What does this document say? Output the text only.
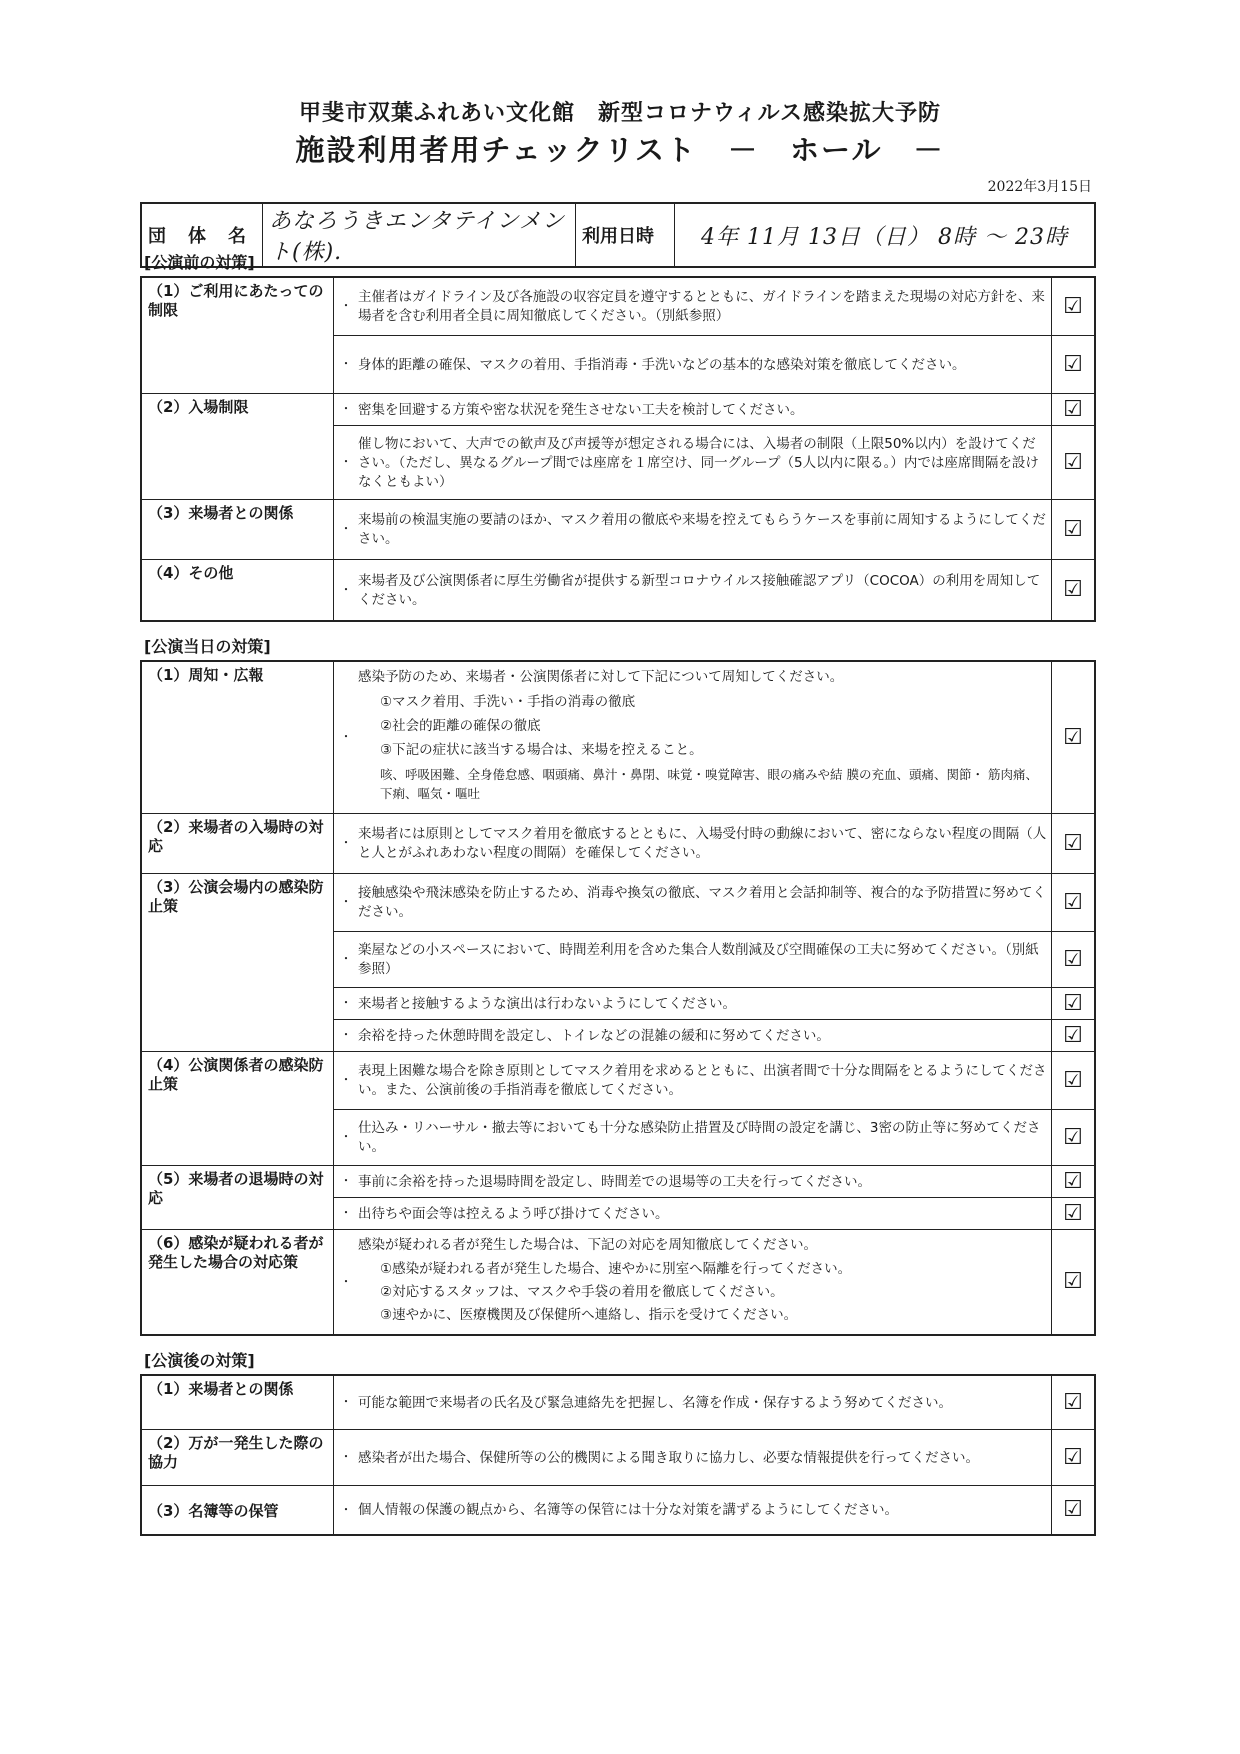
甲斐市双葉ふれあい文化館　新型コロナウィルス感染拡大予防
施設利用者用チェックリスト　－　ホール　－
2022年3月15日
団　体　名	あなろうきエンタテインメント(株).	利用日時	4年 11月 13日（日） 8時 ～ 23時
[公演前の対策]
（1）ご利用にあたっての制限	・ 主催者はガイドライン及び各施設の収容定員を遵守するとともに、ガイドラインを踏まえた現場の対応方針を、来場者を含む利用者全員に周知徹底してください。（別紙参照）	☑
	・ 身体的距離の確保、マスクの着用、手指消毒・手洗いなどの基本的な感染対策を徹底してください。	☑
（2）入場制限	・ 密集を回避する方策や密な状況を発生させない工夫を検討してください。	☑
	・ 催し物において、大声での歓声及び声援等が想定される場合には、入場者の制限（上限50%以内）を設けてください。（ただし、異なるグループ間では座席を１席空け、同一グループ（5人以内に限る。）内では座席間隔を設けなくともよい）	☑
（3）来場者との関係	・ 来場前の検温実施の要請のほか、マスク着用の徹底や来場を控えてもらうケースを事前に周知するようにしてください。	☑
（4）その他	・ 来場者及び公演関係者に厚生労働省が提供する新型コロナウイルス接触確認アプリ（COCOA）の利用を周知してください。	☑
[公演当日の対策]
（1）周知・広報	・ 感染予防のため、来場者・公演関係者に対して下記について周知してください。
①マスク着用、手洗い・手指の消毒の徹底
②社会的距離の確保の徹底
③下記の症状に該当する場合は、来場を控えること。
咳、呼吸困難、全身倦怠感、咽頭痛、鼻汁・鼻閉、味覚・嗅覚障害、眼の痛みや結 膜の充血、頭痛、関節・ 筋肉痛、下痢、嘔気・嘔吐	☑
（2）来場者の入場時の対応	・ 来場者には原則としてマスク着用を徹底するとともに、入場受付時の動線において、密にならない程度の間隔（人と人とがふれあわない程度の間隔）を確保してください。	☑
（3）公演会場内の感染防止策	・ 接触感染や飛沫感染を防止するため、消毒や換気の徹底、マスク着用と会話抑制等、複合的な予防措置に努めてください。	☑
	・ 楽屋などの小スペースにおいて、時間差利用を含めた集合人数削減及び空間確保の工夫に努めてください。（別紙参照）	☑
	・ 来場者と接触するような演出は行わないようにしてください。	☑
	・ 余裕を持った休憩時間を設定し、トイレなどの混雑の緩和に努めてください。	☑
（4）公演関係者の感染防止策	・ 表現上困難な場合を除き原則としてマスク着用を求めるとともに、出演者間で十分な間隔をとるようにしてください。また、公演前後の手指消毒を徹底してください。	☑
	・ 仕込み・リハーサル・撤去等においても十分な感染防止措置及び時間の設定を講じ、3密の防止等に努めてください。	☑
（5）来場者の退場時の対応	・ 事前に余裕を持った退場時間を設定し、時間差での退場等の工夫を行ってください。	☑
	・ 出待ちや面会等は控えるよう呼び掛けてください。	☑
（6）感染が疑われる者が発生した場合の対応策	・ 感染が疑われる者が発生した場合は、下記の対応を周知徹底してください。
①感染が疑われる者が発生した場合、速やかに別室へ隔離を行ってください。
②対応するスタッフは、マスクや手袋の着用を徹底してください。
③速やかに、医療機関及び保健所へ連絡し、指示を受けてください。	☑
[公演後の対策]
（1）来場者との関係	・ 可能な範囲で来場者の氏名及び緊急連絡先を把握し、名簿を作成・保存するよう努めてください。	☑
（2）万が一発生した際の協力	・ 感染者が出た場合、保健所等の公的機関による聞き取りに協力し、必要な情報提供を行ってください。	☑
（3）名簿等の保管	・ 個人情報の保護の観点から、名簿等の保管には十分な対策を講ずるようにしてください。	☑
